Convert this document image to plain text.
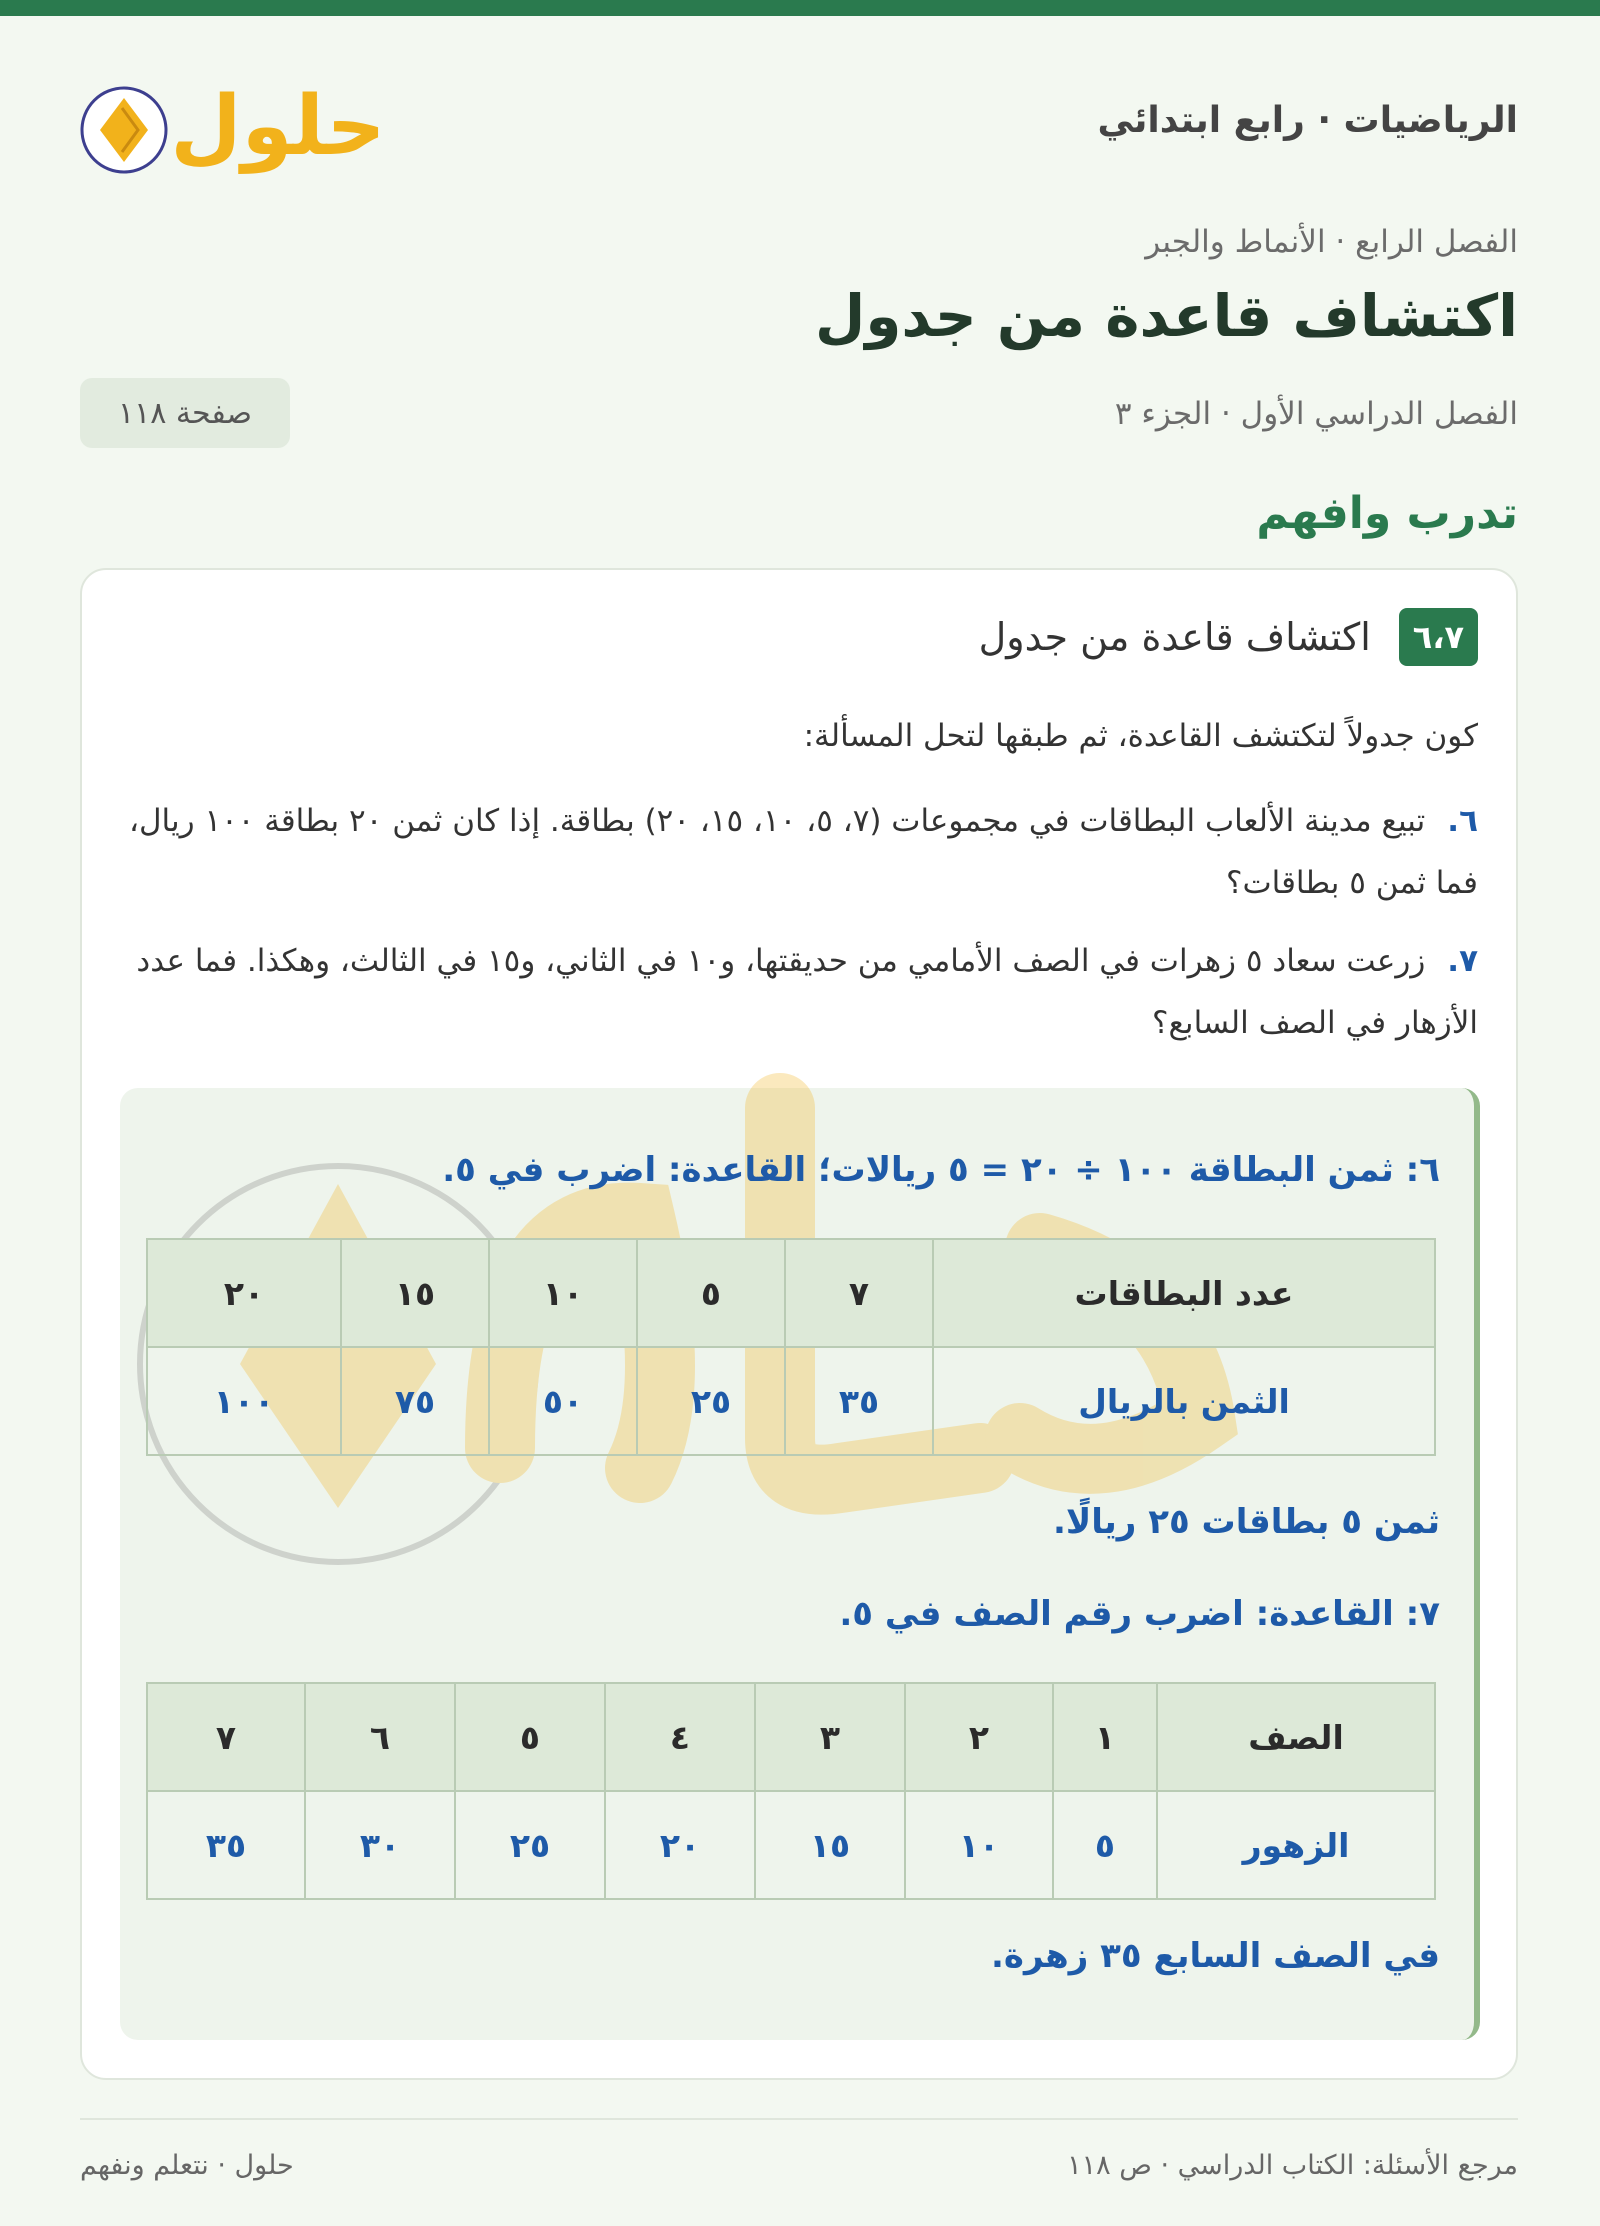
الرياضيات · رابع ابتدائي
حلول
الفصل الرابع · الأنماط والجبر
اكتشاف قاعدة من جدول
الفصل الدراسي الأول · الجزء ٣
صفحة ١١٨
تدرب وافهم
٦،٧
اكتشاف قاعدة من جدول
كون جدولاً لتكتشف القاعدة، ثم طبقها لتحل المسألة:
٦.تبيع مدينة الألعاب البطاقات في مجموعات (٧، ٥، ١٠، ١٥، ٢٠) بطاقة. إذا كان ثمن ٢٠ بطاقة ١٠٠ ريال، فما ثمن ٥ بطاقات؟
٧.زرعت سعاد ٥ زهرات في الصف الأمامي من حديقتها، و١٠ في الثاني، و١٥ في الثالث، وهكذا. فما عدد الأزهار في الصف السابع؟
٦: ثمن البطاقة ١٠٠ ÷ ٢٠ = ٥ ريالات؛ القاعدة: اضرب في ٥.
عدد البطاقات	٧	٥	١٠	١٥	٢٠
الثمن بالريال	٣٥	٢٥	٥٠	٧٥	١٠٠
ثمن ٥ بطاقات ٢٥ ريالًا.
٧: القاعدة: اضرب رقم الصف في ٥.
الصف	١	٢	٣	٤	٥	٦	٧
الزهور	٥	١٠	١٥	٢٠	٢٥	٣٠	٣٥
في الصف السابع ٣٥ زهرة.
مرجع الأسئلة: الكتاب الدراسي · ص ١١٨
حلول · نتعلم ونفهم
